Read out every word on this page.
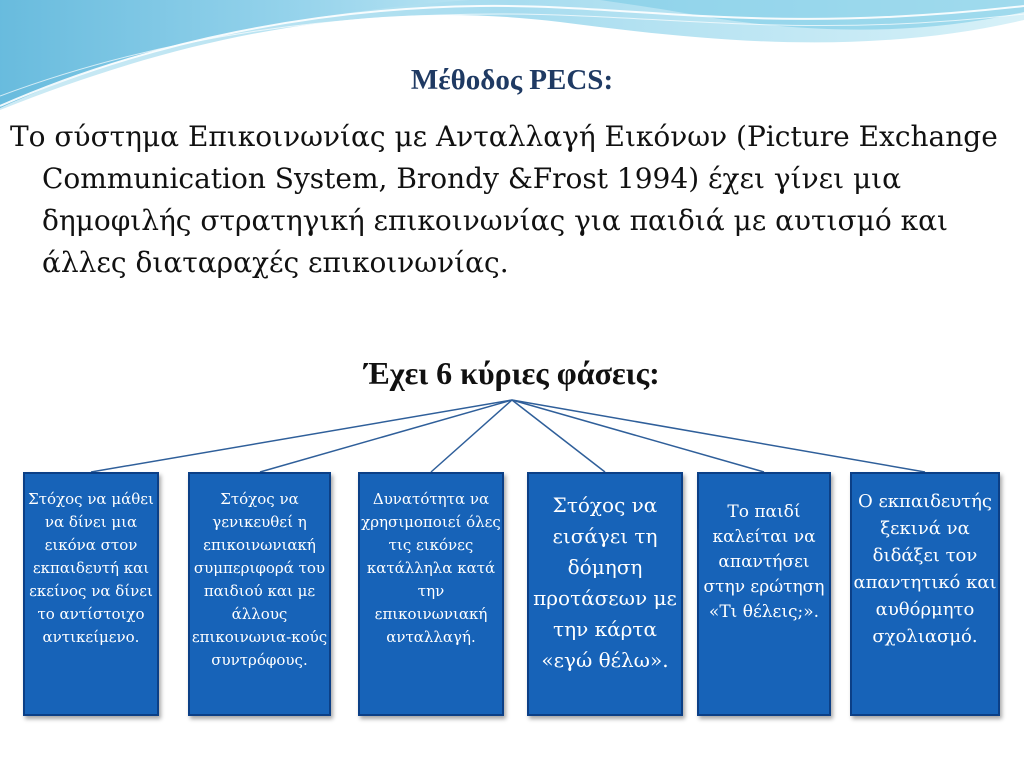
Μέθοδος PECS:
Το σύστημα Επικοινωνίας με Ανταλλαγή Εικόνων (Picture Exchange Communication System, Brondy &Frost 1994) έχει γίνει μια δημοφιλής στρατηγική επικοινωνίας για παιδιά με αυτισμό και άλλες διαταραχές επικοινωνίας.
Έχει 6 κύριες φάσεις:
Στόχος να μάθει να δίνει μια εικόνα στον εκπαιδευτή και εκείνος να δίνει το αντίστοιχο αντικείμενο.
Στόχος να γενικευθεί η επικοινωνιακή συμπεριφορά του παιδιού και με άλλους επικοινωνια-κούς συντρόφους.
Δυνατότητα να χρησιμοποιεί όλες τις εικόνες κατάλληλα κατά την επικοινωνιακή ανταλλαγή.
Στόχος να εισάγει τη δόμηση προτάσεων με την κάρτα «εγώ θέλω».
Το παιδί καλείται να απαντήσει στην ερώτηση «Τι θέλεις;».
Ο εκπαιδευτής ξεκινά να διδάξει τον απαντητικό και αυθόρμητο σχολιασμό.
